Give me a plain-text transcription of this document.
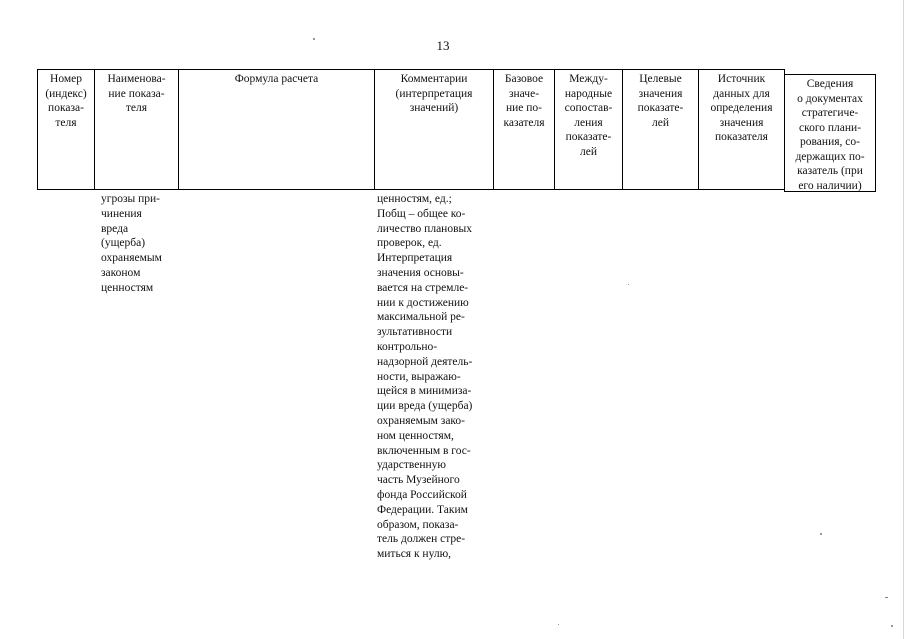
13
Номер
(индекс)
показа-
теля
Наименова-
ние показа-
теля
Формула расчета	Комментарии
(интерпретация
значений)
Базовое
значе-
ние по-
казателя
Между-
народные
сопостав-
ления
показате-
лей
Целевые
значения
показате-
лей
Источник
данных для
определения
значения
показателя
Сведения
о документах
стратегиче-
ского плани-
рования, со-
держащих по-
казатель (при
его наличии)
угрозы при-
чинения
вреда
(ущерба)
охраняемым
законом
ценностям
ценностям, ед.;
Побщ – общее ко-
личество плановых
проверок, ед.
Интерпретация
значения основы-
вается на стремле-
нии к достижению
максимальной ре-
зультативности
контрольно-
надзорной деятель-
ности, выражаю-
щейся в минимиза-
ции вреда (ущерба)
охраняемым зако-
ном ценностям,
включенным в гос-
ударственную
часть Музейного
фонда Российской
Федерации. Таким
образом, показа-
тель должен стре-
миться к нулю,
